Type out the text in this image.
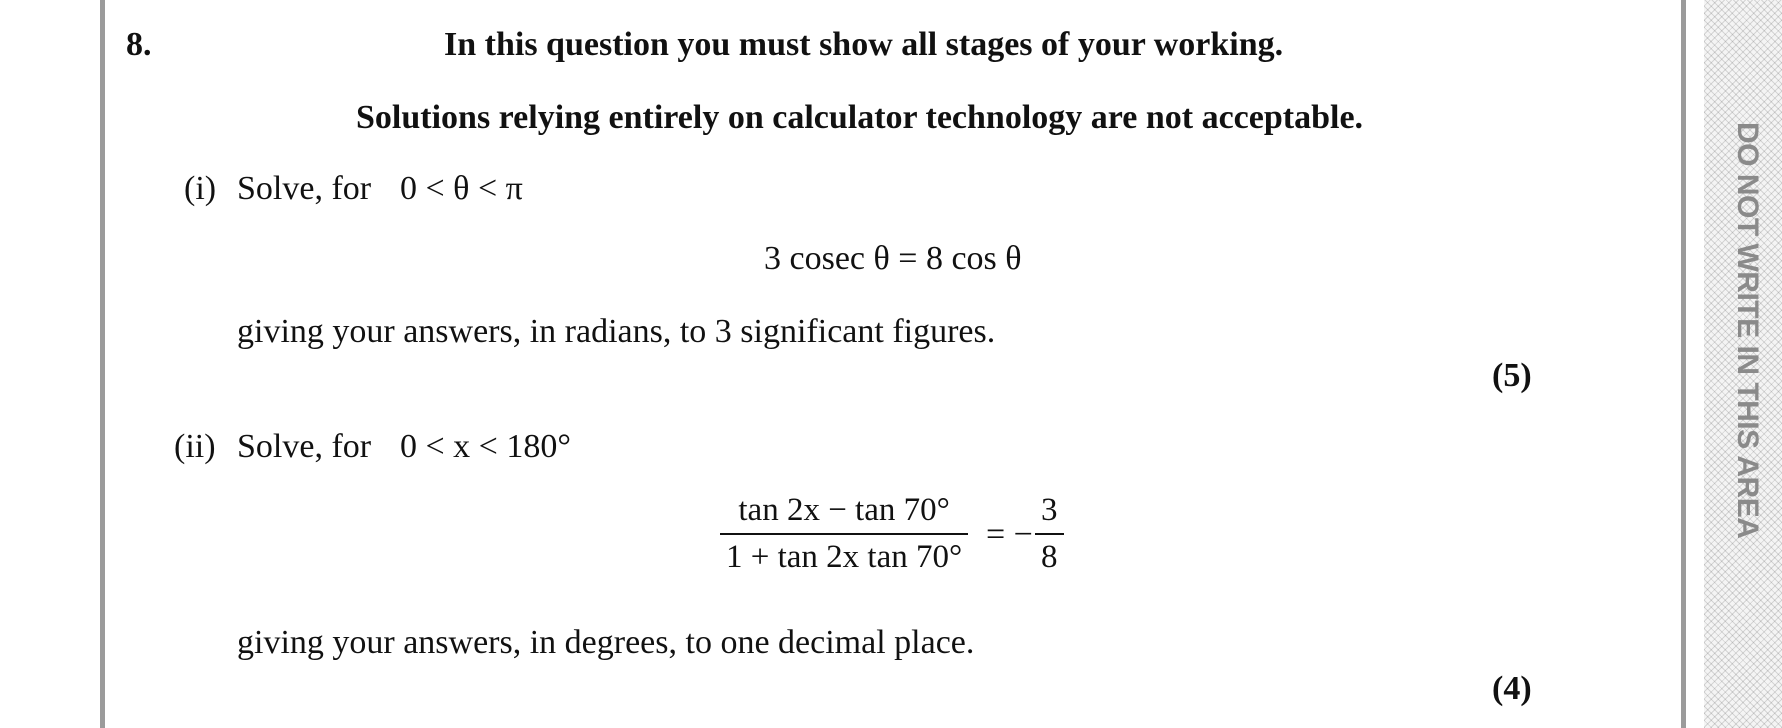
DO NOT WRITE IN THIS AREA
8.	In this question you must show all stages of your working.
Solutions relying entirely on calculator technology are not acceptable.
(i) Solve, for 0 < θ < π
3 cosec θ = 8 cos θ
giving your answers, in radians, to 3 significant figures.
(5)
(ii) Solve, for 0 < x < 180°
tan 2x − tan 70°
1 + tan 2x tan 70°
= −
3
8
giving your answers, in degrees, to one decimal place.
(4)
